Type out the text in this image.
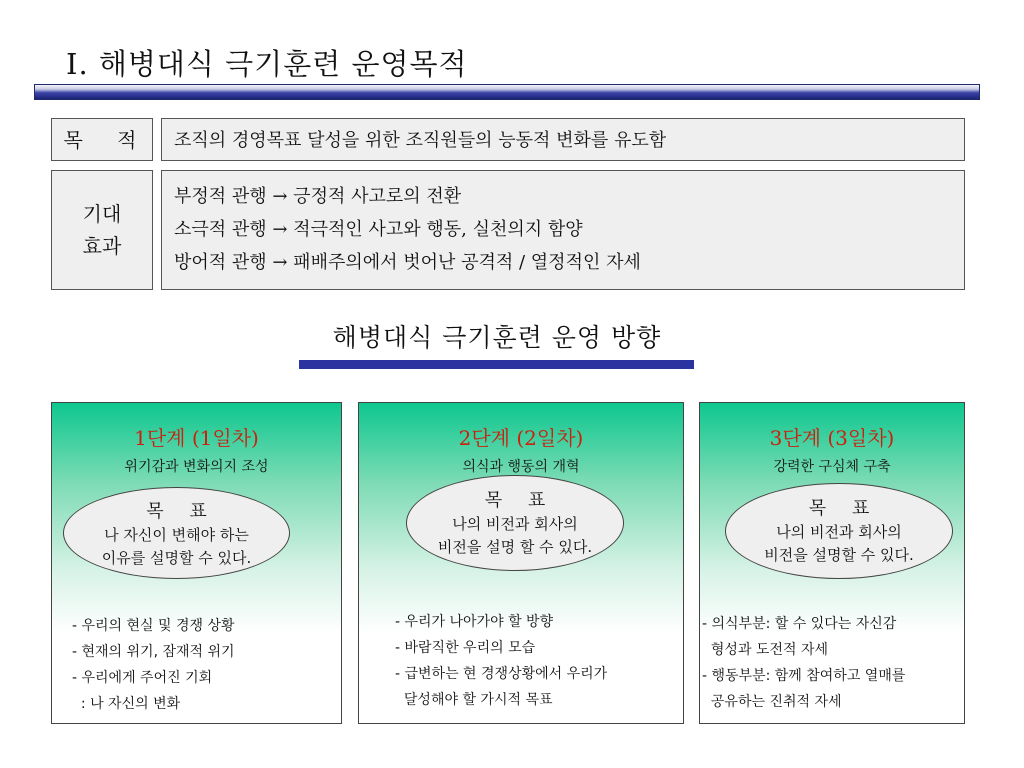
Ⅰ. 해병대식 극기훈련 운영목적
목 적	조직의 경영목표 달성을 위한 조직원들의 능동적 변화를 유도함
기대
효과
부정적 관행 → 긍정적 사고로의 전환
소극적 관행 → 적극적인 사고와 행동, 실천의지 함양
방어적 관행 → 패배주의에서 벗어난 공격적 / 열정적인 자세
해병대식 극기훈련 운영 방향
1단계 (1일차)
위기감과 변화의지 조성
목 표
나 자신이 변해야 하는
이유를 설명할 수 있다.
- 우리의 현실 및 경쟁 상황
- 현재의 위기, 잠재적 위기
- 우리에게 주어진 기회
: 나 자신의 변화
2단계 (2일차)
의식과 행동의 개혁
목 표
나의 비전과 회사의
비전을 설명 할 수 있다.
- 우리가 나아가야 할 방향
- 바람직한 우리의 모습
- 급변하는 현 경쟁상황에서 우리가
달성해야 할 가시적 목표
3단계 (3일차)
강력한 구심체 구축
목 표
나의 비전과 회사의
비전을 설명할 수 있다.
- 의식부분: 할 수 있다는 자신감
형성과 도전적 자세
- 행동부분: 함께 참여하고 열매를
공유하는 진취적 자세
